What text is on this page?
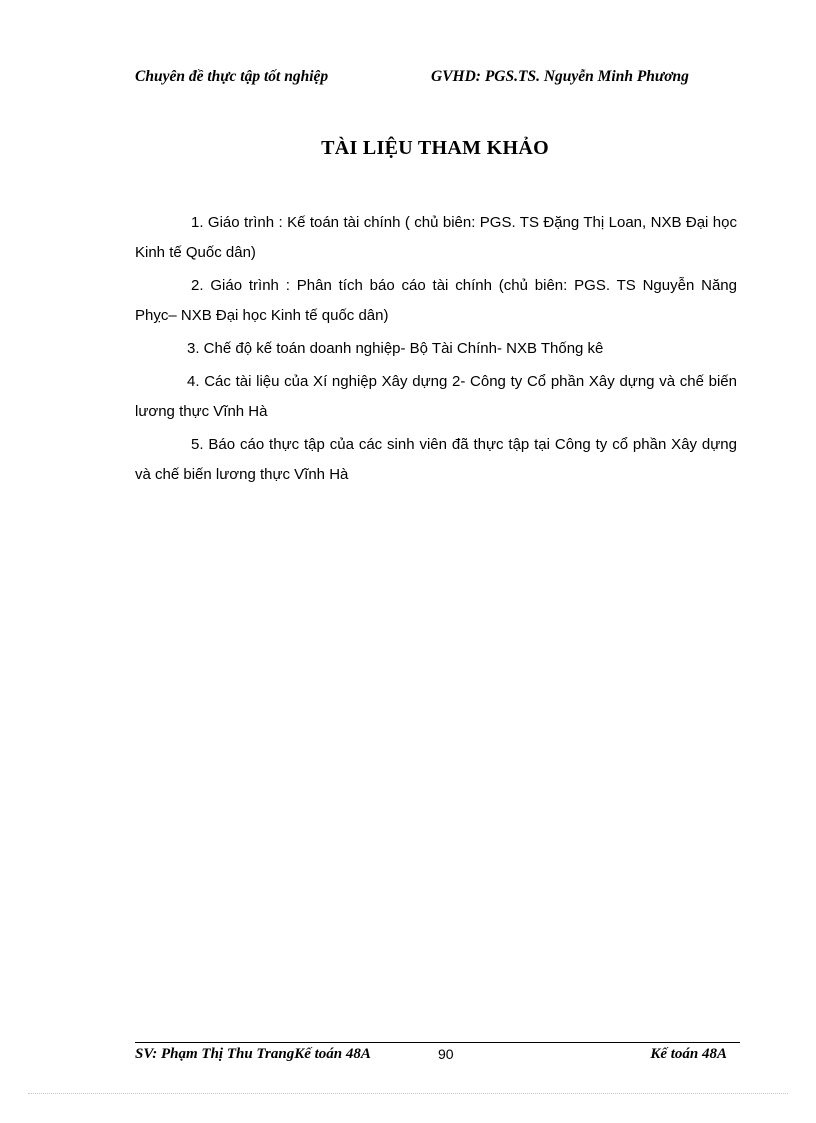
Chuyên đề thực tập tốt nghiệp	GVHD: PGS.TS. Nguyễn Minh Phương
TÀI LIỆU THAM KHẢO

1. Giáo trình : Kế toán tài chính ( chủ biên: PGS. TS Đặng Thị Loan, NXB Đại học Kinh tế Quốc dân)

2. Giáo trình : Phân tích báo cáo tài chính (chủ biên: PGS. TS Nguyễn Năng Phỵc– NXB Đại học Kinh tế quốc dân)

3. Chế độ kế toán doanh nghiệp- Bộ Tài Chính- NXB Thống kê

4. Các tài liệu của Xí nghiệp Xây dựng 2- Công ty Cổ phần Xây dựng và chế biến lương thực Vĩnh Hà

5. Báo cáo thực tập của các sinh viên đã thực tập tại Công ty cổ phần Xây dựng và chế biến lương thực Vĩnh Hà

SV: Phạm Thị Thu TrangKế toán 48A	90	Kế toán 48A
